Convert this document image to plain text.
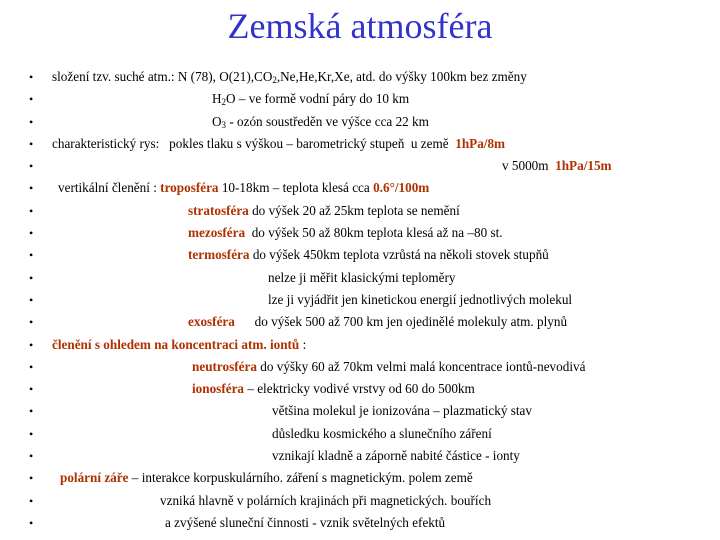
Zemská atmosféra
• složení tzv. suché atm.: N (78), $O(21),CO_2,Ne,He,Kr,Xe$, atd. do výšky 100km bez změny
•	$H_2O$ – ve formě vodní páry do 10 km
•	$O_3$ - ozón soustředěn ve výšce cca 22 km
• charakteristický rys:   pokles tlaku s výškou – barometrický stupeň  u země  1hPa/8m
•	v 5000m  1hPa/15m
• vertikální členění : troposféra 10-18km – teplota klesá cca 0.6°/100m
•	stratosféra do výšek 20 až 25km teplota se nemění
•	mezosféra  do výšek 50 až 80km teplota klesá až na –80 st.
•	termosféra do výšek 450km teplota vzrůstá na několi stovek stupňů
•	nelze ji měřit klasickými teploměry
•	lze ji vyjádřit jen kinetickou energií jednotlivých molekul
•	exosféra      do výšek 500 až 700 km jen ojedinělé molekuly atm. plynů
• členění s ohledem na koncentraci atm. iontů :
•	neutrosféra do výšky 60 až 70km velmi malá koncentrace iontů-nevodivá
•	ionosféra – elektricky vodivé vrstvy od 60 do 500km
•	většina molekul je ionizována – plazmatický stav
•	důsledku kosmického a slunečního záření
•	vznikají kladně a záporně nabité částice - ionty
• polární záře – interakce korpuskulárního. záření s magnetickým. polem země
•	vzniká hlavně v polárních krajinách při magnetických. bouřích
•	a zvýšené sluneční činnosti - vznik světelných efektů
